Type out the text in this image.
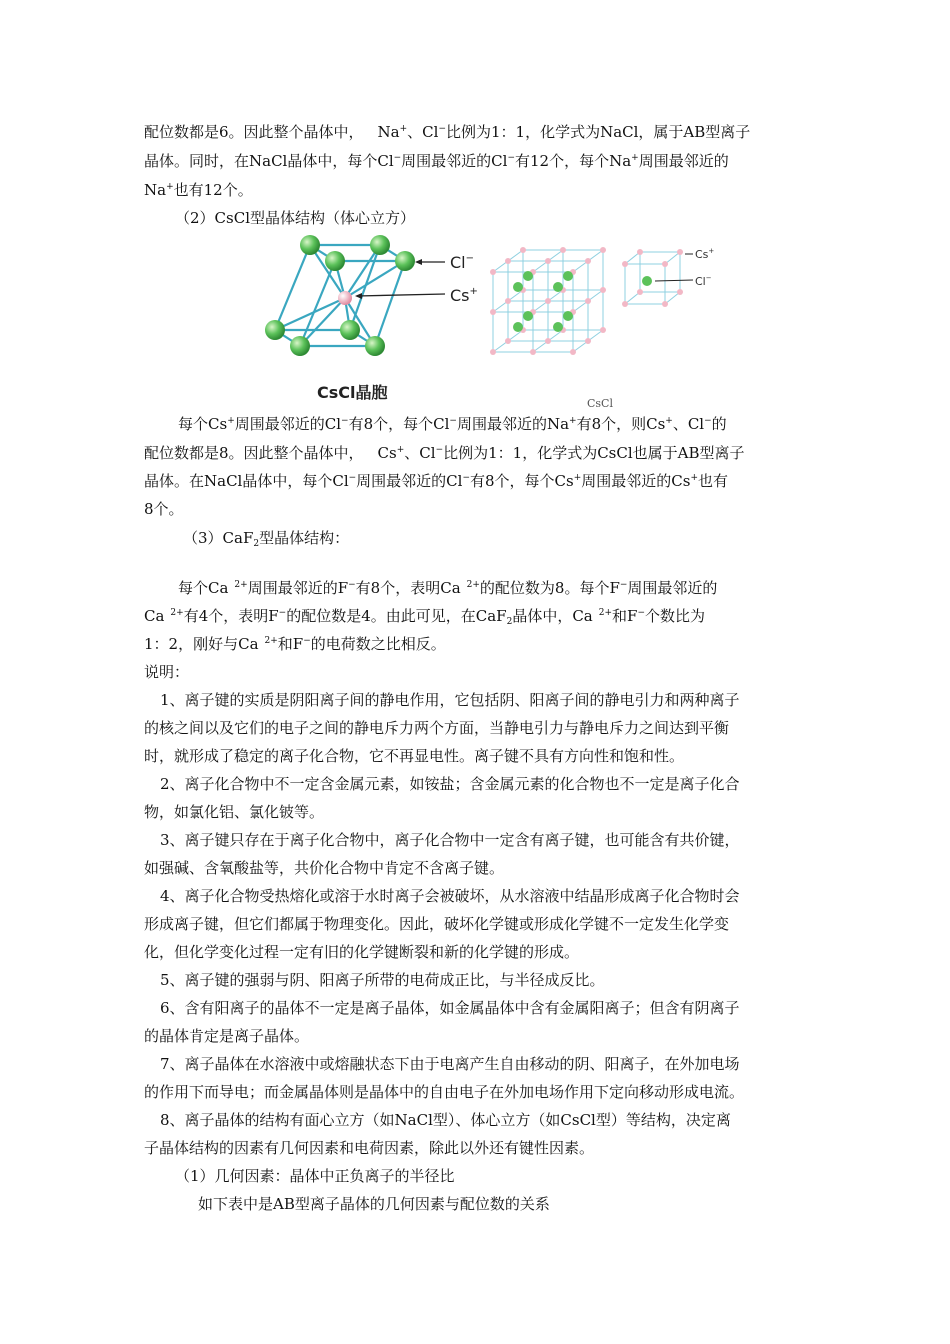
配位数都是6。因此整个晶体中， Na+、Cl−比例为1：1，化学式为NaCl，属于AB型离子
晶体。同时，在NaCl晶体中，每个Cl−周围最邻近的Cl−有12个，每个Na+周围最邻近的
Na+也有12个。
（2）CsCl型晶体结构（体心立方）
Cl−
Cs+
Cs+
Cl−
CsCl晶胞
CsCl
每个Cs+周围最邻近的Cl−有8个，每个Cl−周围最邻近的Na+有8个，则Cs+、Cl−的
配位数都是8。因此整个晶体中， Cs+、Cl−比例为1：1，化学式为CsCl也属于AB型离子
晶体。在NaCl晶体中，每个Cl−周围最邻近的Cl−有8个，每个Cs+周围最邻近的Cs+也有
8个。
（3）CaF$_2$型晶体结构：
每个Ca $^{2+}$周围最邻近的F−有8个，表明Ca $^{2+}$的配位数为8。每个F−周围最邻近的
Ca $^{2+}$有4个，表明F−的配位数是4。由此可见，在CaF$_2$晶体中，Ca $^{2+}$和F−个数比为
1：2，刚好与Ca $^{2+}$和F−的电荷数之比相反。
说明：
1、离子键的实质是阴阳离子间的静电作用，它包括阴、阳离子间的静电引力和两种离子
的核之间以及它们的电子之间的静电斥力两个方面，当静电引力与静电斥力之间达到平衡
时，就形成了稳定的离子化合物，它不再显电性。离子键不具有方向性和饱和性。
2、离子化合物中不一定含金属元素，如铵盐；含金属元素的化合物也不一定是离子化合
物，如氯化铝、氯化铍等。
3、离子键只存在于离子化合物中，离子化合物中一定含有离子键，也可能含有共价键，
如强碱、含氧酸盐等，共价化合物中肯定不含离子键。
4、离子化合物受热熔化或溶于水时离子会被破坏，从水溶液中结晶形成离子化合物时会
形成离子键，但它们都属于物理变化。因此，破坏化学键或形成化学键不一定发生化学变
化，但化学变化过程一定有旧的化学键断裂和新的化学键的形成。
5、离子键的强弱与阴、阳离子所带的电荷成正比，与半径成反比。
6、含有阳离子的晶体不一定是离子晶体，如金属晶体中含有金属阳离子；但含有阴离子
的晶体肯定是离子晶体。
7、离子晶体在水溶液中或熔融状态下由于电离产生自由移动的阴、阳离子，在外加电场
的作用下而导电；而金属晶体则是晶体中的自由电子在外加电场作用下定向移动形成电流。
8、离子晶体的结构有面心立方（如NaCl型）、体心立方（如CsCl型）等结构，决定离
子晶体结构的因素有几何因素和电荷因素，除此以外还有键性因素。
（1）几何因素：晶体中正负离子的半径比
如下表中是AB型离子晶体的几何因素与配位数的关系
